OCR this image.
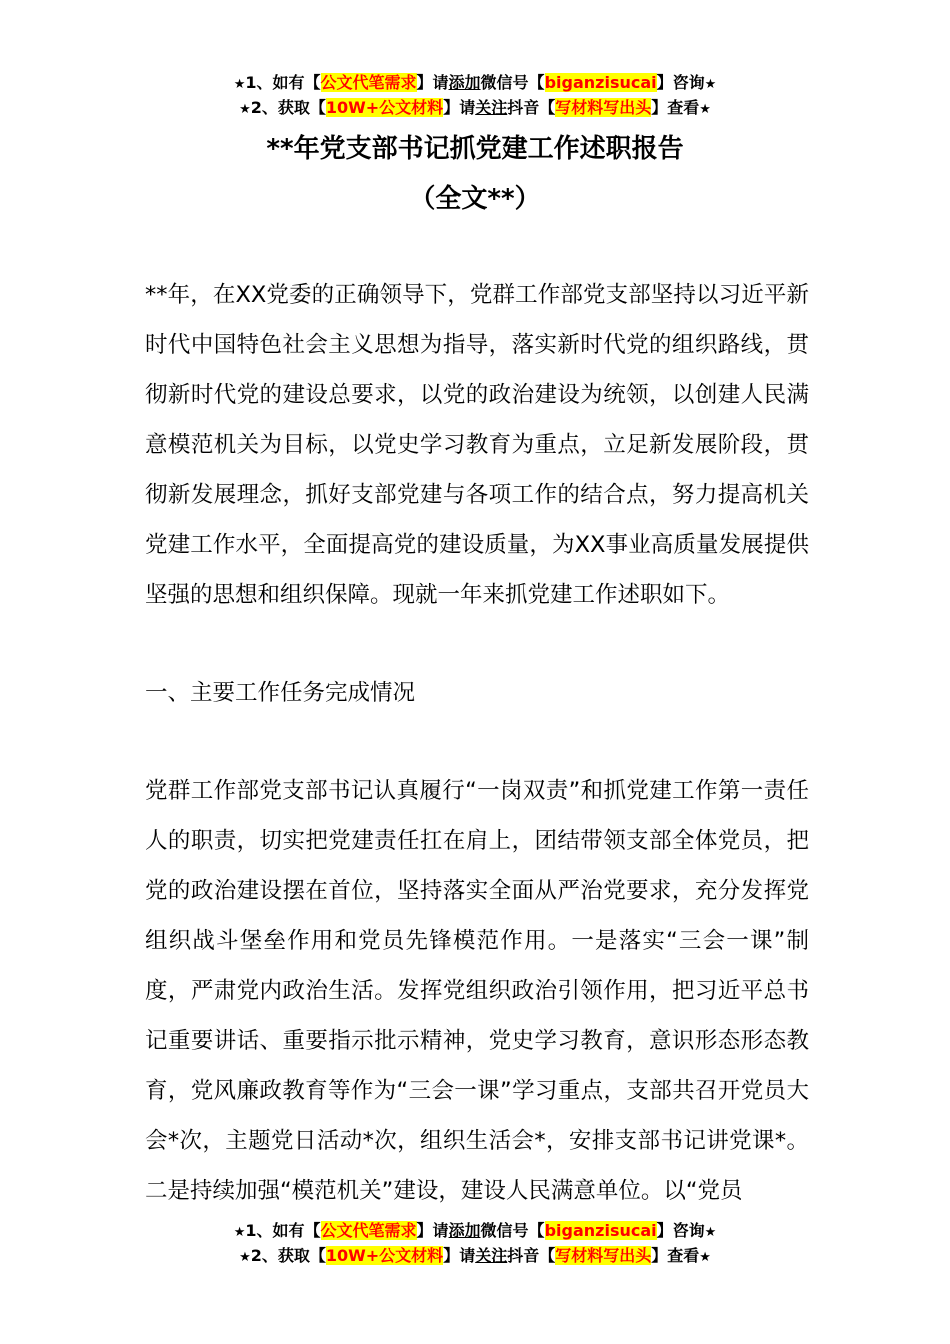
★1、如有【公文代笔需求】请添加微信号【biganzisucai】咨询★
★2、获取【10W+公文材料】请关注抖音【写材料写出头】查看★
**年党支部书记抓党建工作述职报告
（全文**）

**年，在XX党委的正确领导下，党群工作部党支部坚持以习近平新时代中国特色社会主义思想为指导，落实新时代党的组织路线，贯彻新时代党的建设总要求，以党的政治建设为统领，以创建人民满意模范机关为目标，以党史学习教育为重点，立足新发展阶段，贯彻新发展理念，抓好支部党建与各项工作的结合点，努力提高机关党建工作水平，全面提高党的建设质量，为XX事业高质量发展提供坚强的思想和组织保障。现就一年来抓党建工作述职如下。

一、主要工作任务完成情况

党群工作部党支部书记认真履行“一岗双责”和抓党建工作第一责任人的职责，切实把党建责任扛在肩上，团结带领支部全体党员，把党的政治建设摆在首位，坚持落实全面从严治党要求，充分发挥党组织战斗堡垒作用和党员先锋模范作用。一是落实“三会一课”制度，严肃党内政治生活。发挥党组织政治引领作用，把习近平总书记重要讲话、重要指示批示精神，党史学习教育，意识形态形态教育，党风廉政教育等作为“三会一课”学习重点，支部共召开党员大会*次，主题党日活动*次，组织生活会*，安排支部书记讲党课*。二是持续加强“模范机关”建设，建设人民满意单位。以“党员

★1、如有【公文代笔需求】请添加微信号【biganzisucai】咨询★
★2、获取【10W+公文材料】请关注抖音【写材料写出头】查看★
